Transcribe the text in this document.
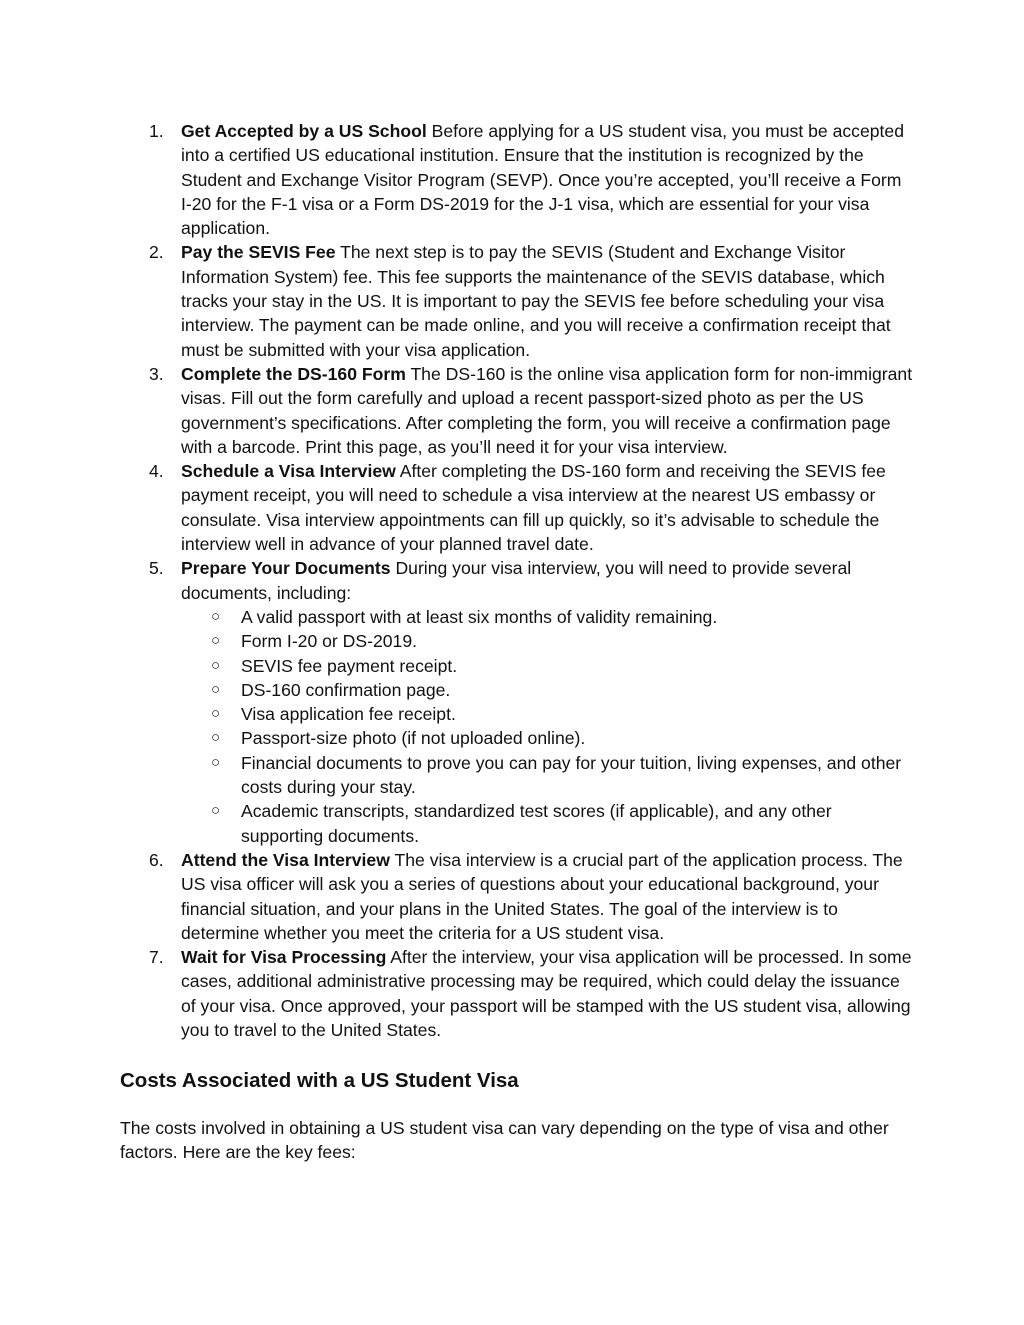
1. Get Accepted by a US School Before applying for a US student visa, you must be accepted into a certified US educational institution. Ensure that the institution is recognized by the Student and Exchange Visitor Program (SEVP). Once you’re accepted, you’ll receive a Form I-20 for the F-1 visa or a Form DS-2019 for the J-1 visa, which are essential for your visa application.
2. Pay the SEVIS Fee The next step is to pay the SEVIS (Student and Exchange Visitor Information System) fee. This fee supports the maintenance of the SEVIS database, which tracks your stay in the US. It is important to pay the SEVIS fee before scheduling your visa interview. The payment can be made online, and you will receive a confirmation receipt that must be submitted with your visa application.
3. Complete the DS-160 Form The DS-160 is the online visa application form for non-immigrant visas. Fill out the form carefully and upload a recent passport-sized photo as per the US government’s specifications. After completing the form, you will receive a confirmation page with a barcode. Print this page, as you’ll need it for your visa interview.
4. Schedule a Visa Interview After completing the DS-160 form and receiving the SEVIS fee payment receipt, you will need to schedule a visa interview at the nearest US embassy or consulate. Visa interview appointments can fill up quickly, so it’s advisable to schedule the interview well in advance of your planned travel date.
5. Prepare Your Documents During your visa interview, you will need to provide several documents, including:
○ A valid passport with at least six months of validity remaining.
○ Form I-20 or DS-2019.
○ SEVIS fee payment receipt.
○ DS-160 confirmation page.
○ Visa application fee receipt.
○ Passport-size photo (if not uploaded online).
○ Financial documents to prove you can pay for your tuition, living expenses, and other costs during your stay.
○ Academic transcripts, standardized test scores (if applicable), and any other supporting documents.
6. Attend the Visa Interview The visa interview is a crucial part of the application process. The US visa officer will ask you a series of questions about your educational background, your financial situation, and your plans in the United States. The goal of the interview is to determine whether you meet the criteria for a US student visa.
7. Wait for Visa Processing After the interview, your visa application will be processed. In some cases, additional administrative processing may be required, which could delay the issuance of your visa. Once approved, your passport will be stamped with the US student visa, allowing you to travel to the United States.
Costs Associated with a US Student Visa

The costs involved in obtaining a US student visa can vary depending on the type of visa and other factors. Here are the key fees:
